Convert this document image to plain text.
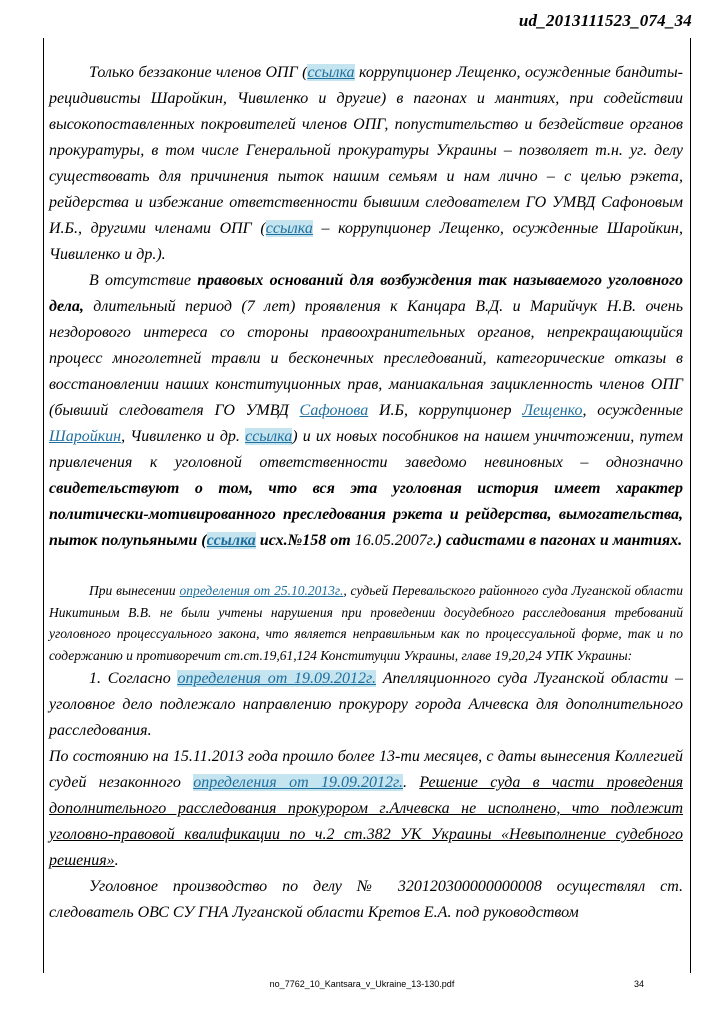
ud_2013111523_074_34

Только беззаконие членов ОПГ (ссылка коррупционер Лещенко, осужденные бандиты-рецидивисты Шаройкин, Чивиленко и другие) в пагонах и мантиях, при содействии высокопоставленных покровителей членов ОПГ, попустительство и бездействие органов прокуратуры, в том числе Генеральной прокуратуры Украины – позволяет т.н. уг. делу существовать для причинения пыток нашим семьям и нам лично – с целью рэкета, рейдерства и избежание ответственности бывшим следователем ГО УМВД Сафоновым И.Б., другими членами ОПГ (ссылка – коррупционер Лещенко, осужденные Шаройкин, Чивиленко и др.).

В отсутствие правовых оснований для возбуждения так называемого уголовного дела, длительный период (7 лет) проявления к Канцара В.Д. и Марийчук Н.В. очень нездорового интереса со стороны правоохранительных органов, непрекращающийся процесс многолетней травли и бесконечных преследований, категорические отказы в восстановлении наших конституционных прав, маниакальная зацикленность членов ОПГ (бывший следователя ГО УМВД Сафонова И.Б, коррупционер Лещенко, осужденные Шаройкин, Чивиленко и др. ссылка) и их новых пособников на нашем уничтожении, путем привлечения к уголовной ответственности заведомо невиновных – однозначно свидетельствуют о том, что вся эта уголовная история имеет характер политически-мотивированного преследования рэкета и рейдерства, вымогательства, пыток полупьяными (ссылка исх.№158 от 16.05.2007г.) садистами в пагонах и мантиях.

При вынесении определения от 25.10.2013г., судьей Перевальского районного суда Луганской области Никитиным В.В. не были учтены нарушения при проведении досудебного расследования требований уголовного процессуального закона, что является неправильным как по процессуальной форме, так и по содержанию и противоречит ст.ст.19,61,124 Конституции Украины, главе 19,20,24 УПК Украины:

1. Согласно определения от 19.09.2012г. Апелляционного суда Луганской области – уголовное дело подлежало направлению прокурору города Алчевска для дополнительного расследования.

По состоянию на 15.11.2013 года прошло более 13-ти месяцев, с даты вынесения Коллегией судей незаконного определения от 19.09.2012г.. Решение суда в части проведения дополнительного расследования прокурором г.Алчевска не исполнено, что подлежит уголовно-правовой квалификации по ч.2 ст.382 УК Украины «Невыполнение судебного решения».

Уголовное производство по делу № 320120300000000008 осуществлял ст. следователь ОВС СУ ГНА Луганской области Кретов Е.А. под руководством

no_7762_10_Kantsara_v_Ukraine_13-130.pdf	34
